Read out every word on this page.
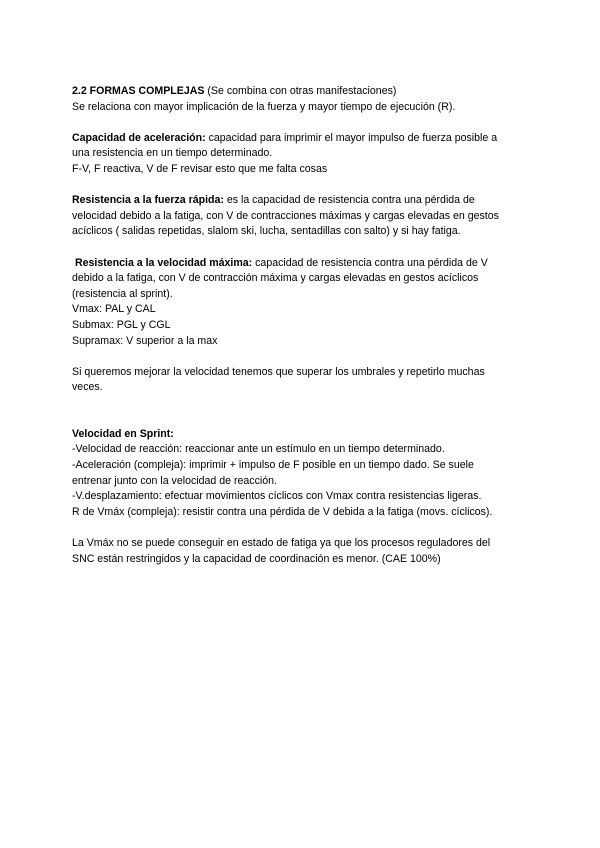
2.2 FORMAS COMPLEJAS (Se combina con otras manifestaciones)
Se relaciona con mayor implicación de la fuerza y mayor tiempo de ejecución (R).

Capacidad de aceleración: capacidad para imprimir el mayor impulso de fuerza posible a
una resistencia en un tiempo determinado.
F-V, F reactiva, V de F revisar esto que me falta cosas

Resistencia a la fuerza rápida: es la capacidad de resistencia contra una pérdida de
velocidad debido a la fatiga, con V de contracciones máximas y cargas elevadas en gestos
acíclicos ( salidas repetidas, slalom ski, lucha, sentadillas con salto) y si hay fatiga.

Resistencia a la velocidad máxima: capacidad de resistencia contra una pérdida de V
debido a la fatiga, con V de contracción máxima y cargas elevadas en gestos acíclicos
(resistencia al sprint).
Vmax: PAL y CAL
Submax: PGL y CGL
Supramax: V superior a la max

Si queremos mejorar la velocidad tenemos que superar los umbrales y repetirlo muchas
veces.

Velocidad en Sprint:
-Velocidad de reacción: reaccionar ante un estímulo en un tiempo determinado.
-Aceleración (compleja): imprimir + impulso de F posible en un tiempo dado. Se suele
entrenar junto con la velocidad de reacción.
-V.desplazamiento: efectuar movimientos cíclicos con Vmax contra resistencias ligeras.
R de Vmáx (compleja): resistir contra una pérdida de V debida a la fatiga (movs. cíclicos).

La Vmáx no se puede conseguir en estado de fatiga ya que los procesos reguladores del
SNC están restringidos y la capacidad de coordinación es menor. (CAE 100%)
